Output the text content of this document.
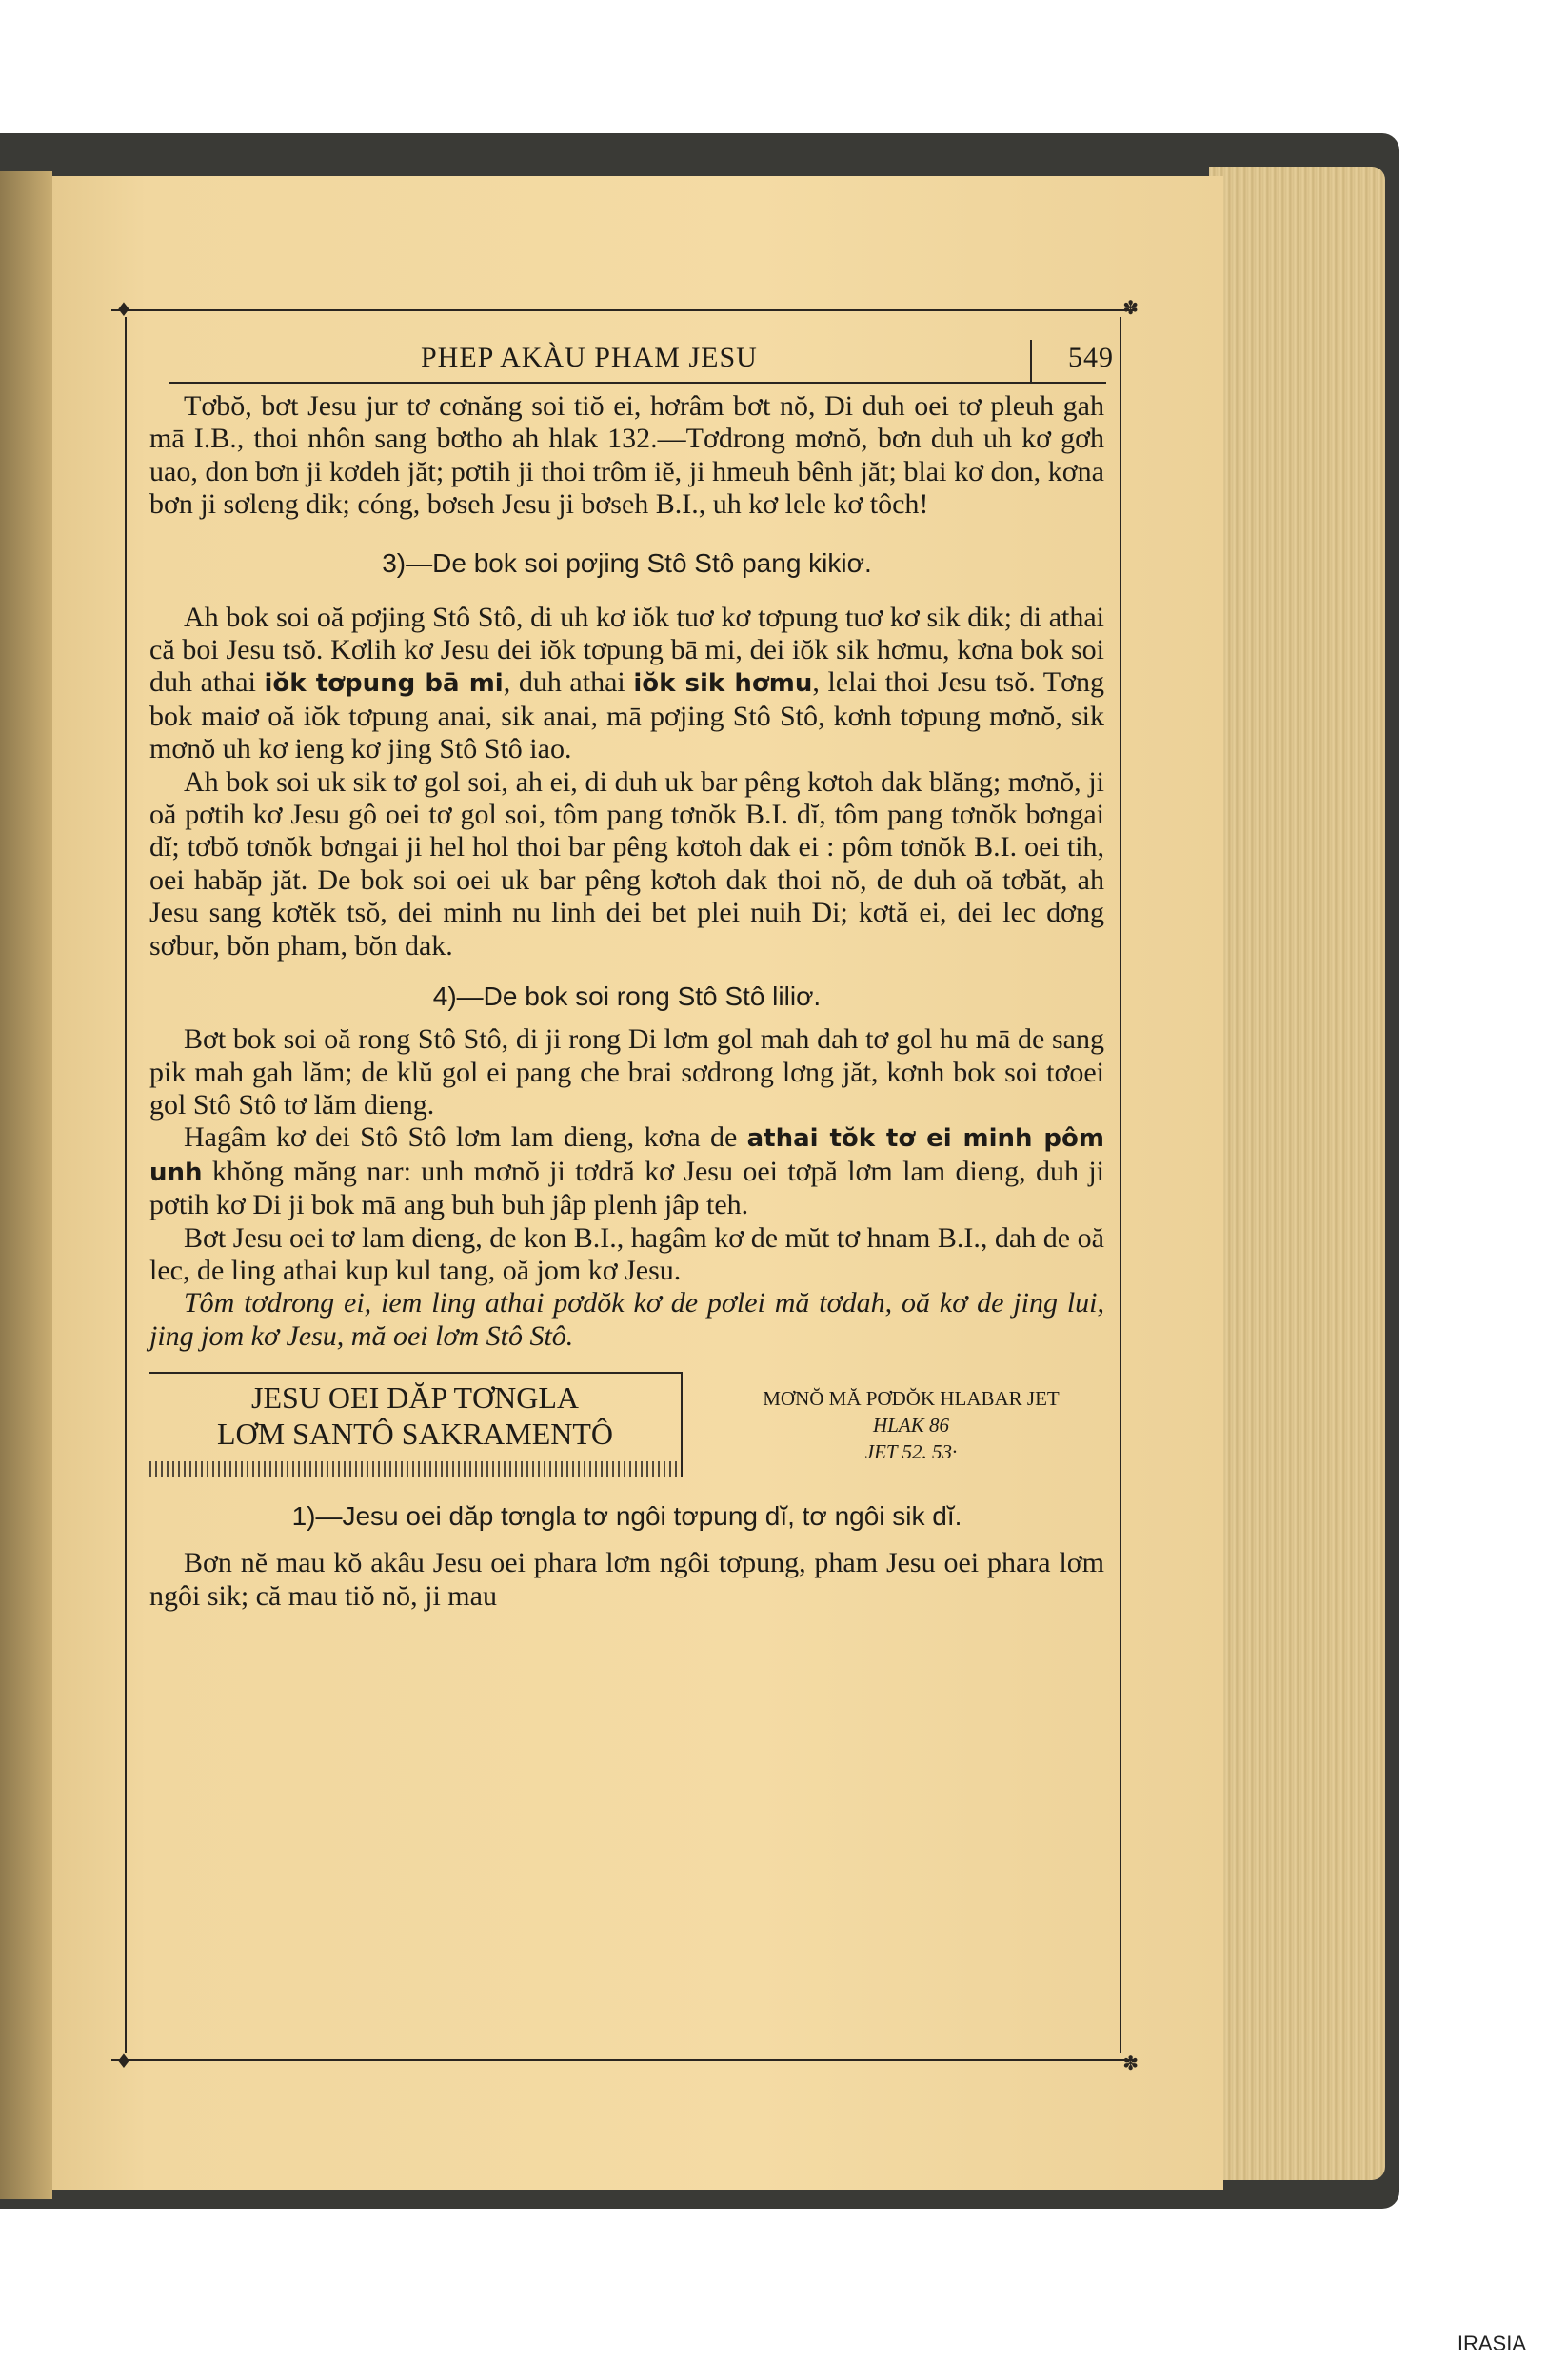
♦	✽
♦	✽
PHEP AKÀU PHAM JESU	549

Tơbŏ, bơt Jesu jur tơ cơnăng soi tiŏ ei, hơrâm bơt nŏ, Di duh oei tơ pleuh gah mā I.B., thoi nhôn sang bơtho ah hlak 132.—Tơdrong mơnŏ, bơn duh uh kơ gơh uao, don bơn ji kơdeh jăt; pơtih ji thoi trôm iĕ, ji hmeuh bênh jăt; blai kơ don, kơna bơn ji sơleng dik; cóng, bơseh Jesu ji bơseh B.I., uh kơ lele kơ tôch!

3)—De bok soi pơjing Stô Stô pang kikiơ.

Ah bok soi oă pơjing Stô Stô, di uh kơ iŏk tuơ kơ tơpung tuơ kơ sik dik; di athai că boi Jesu tsŏ. Kơlih kơ Jesu dei iŏk tơpung bā mi, dei iŏk sik hơmu, kơna bok soi duh athai iŏk tơpung bā mi, duh athai iŏk sik hơmu, lelai thoi Jesu tsŏ. Tơng bok maiơ oă iŏk tơpung anai, sik anai, mā pơjing Stô Stô, kơnh tơpung mơnŏ, sik mơnŏ uh kơ ieng kơ jing Stô Stô iao.

Ah bok soi uk sik tơ gol soi, ah ei, di duh uk bar pêng kơtoh dak blăng; mơnŏ, ji oă pơtih kơ Jesu gô oei tơ gol soi, tôm pang tơnŏk B.I. dĭ, tôm pang tơnŏk bơngai dĭ; tơbŏ tơnŏk bơngai ji hel hol thoi bar pêng kơtoh dak ei : pôm tơnŏk B.I. oei tih, oei habăp jăt. De bok soi oei uk bar pêng kơtoh dak thoi nŏ, de duh oă tơbăt, ah Jesu sang kơtĕk tsŏ, dei minh nu linh dei bet plei nuih Di; kơtă ei, dei lec dơng sơbur, bŏn pham, bŏn dak.

4)—De bok soi rong Stô Stô liliơ.

Bơt bok soi oă rong Stô Stô, di ji rong Di lơm gol mah dah tơ gol hu mā de sang pik mah gah lăm; de klŭ gol ei pang che brai sơdrong lơng jăt, kơnh bok soi tơoei gol Stô Stô tơ lăm dieng.

Hagâm kơ dei Stô Stô lơm lam dieng, kơna de athai tŏk tơ ei minh pôm unh khŏng măng nar: unh mơnŏ ji tơdră kơ Jesu oei tơpă lơm lam dieng, duh ji pơtih kơ Di ji bok mā ang buh buh jâp plenh jâp teh.

Bơt Jesu oei tơ lam dieng, de kon B.I., hagâm kơ de mŭt tơ hnam B.I., dah de oă lec, de ling athai kup kul tang, oă jom kơ Jesu.

Tôm tơdrong ei, iem ling athai pơdŏk kơ de pơlei mă tơdah, oă kơ de jing lui, jing jom kơ Jesu, mă oei lơm Stô Stô.

JESU OEI DĂP TƠNGLA
LƠM SANTÔ SAKRAMENTÔ
MƠNŎ MĂ PƠDŎK HLABAR JET
HLAK 86
JET 52. 53·

1)—Jesu oei dăp tơngla tơ ngôi tơpung dĭ, tơ ngôi sik dĭ.

Bơn nĕ mau kŏ akâu Jesu oei phara lơm ngôi tơpung, pham Jesu oei phara lơm ngôi sik; că mau tiŏ nŏ, ji mau

IRASIA
